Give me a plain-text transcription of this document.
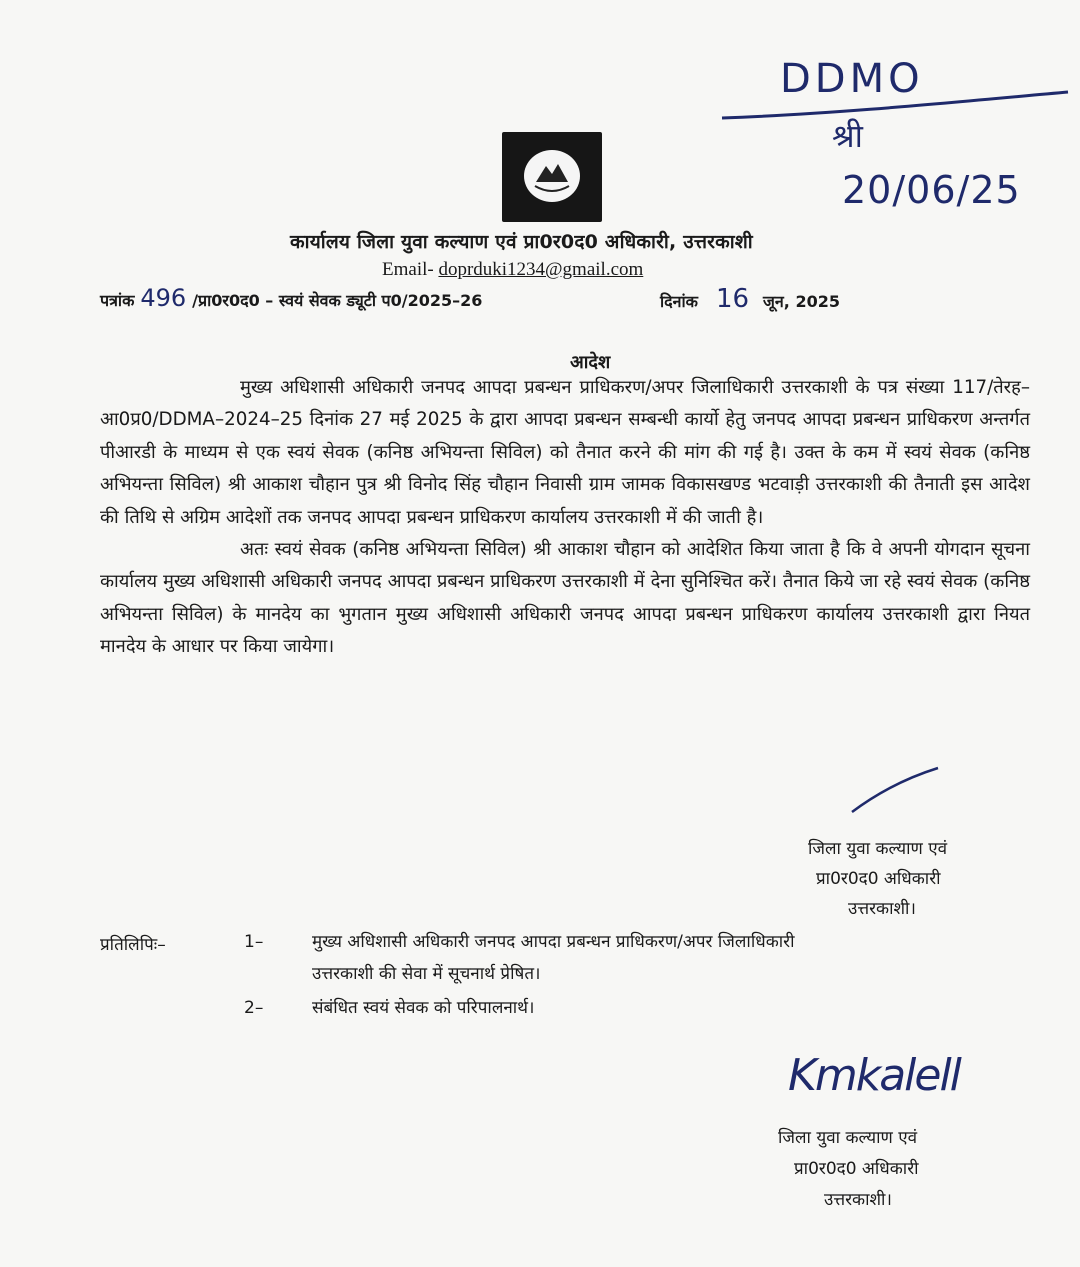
DDMO
श्री
20/06/25
कार्यालय जिला युवा कल्याण एवं प्रा0र0द0 अधिकारी, उत्तरकाशी
Email- doprduki1234@gmail.com
पत्रांक 496 /प्रा0र0द0 – स्वयं सेवक ड्यूटी प0/2025–26	दिनांक 16 जून, 2025
आदेश

मुख्य अधिशासी अधिकारी जनपद आपदा प्रबन्धन प्राधिकरण/अपर जिलाधिकारी उत्तरकाशी के पत्र संख्या 117/तेरह–आ0प्र0/DDMA–2024–25 दिनांक 27 मई 2025 के द्वारा आपदा प्रबन्धन सम्बन्धी कार्यो हेतु जनपद आपदा प्रबन्धन प्राधिकरण अन्तर्गत पीआरडी के माध्यम से एक स्वयं सेवक (कनिष्ठ अभियन्ता सिविल) को तैनात करने की मांग की गई है। उक्त के कम में स्वयं सेवक (कनिष्ठ अभियन्ता सिविल) श्री आकाश चौहान पुत्र श्री विनोद सिंह चौहान निवासी ग्राम जामक विकासखण्ड भटवाड़ी उत्तरकाशी की तैनाती इस आदेश की तिथि से अग्रिम आदेशों तक जनपद आपदा प्रबन्धन प्राधिकरण कार्यालय उत्तरकाशी में की जाती है।

अतः स्वयं सेवक (कनिष्ठ अभियन्ता सिविल) श्री आकाश चौहान को आदेशित किया जाता है कि वे अपनी योगदान सूचना कार्यालय मुख्य अधिशासी अधिकारी जनपद आपदा प्रबन्धन प्राधिकरण उत्तरकाशी में देना सुनिश्चित करें। तैनात किये जा रहे स्वयं सेवक (कनिष्ठ अभियन्ता सिविल) के मानदेय का भुगतान मुख्य अधिशासी अधिकारी जनपद आपदा प्रबन्धन प्राधिकरण कार्यालय उत्तरकाशी द्वारा नियत मानदेय के आधार पर किया जायेगा।

जिला युवा कल्याण एवं
प्रा0र0द0 अधिकारी
उत्तरकाशी।
प्रतिलिपिः–	1–	मुख्य अधिशासी अधिकारी जनपद आपदा प्रबन्धन प्राधिकरण/अपर जिलाधिकारी
उत्तरकाशी की सेवा में सूचनार्थ प्रेषित।
2–	संबंधित स्वयं सेवक को परिपालनार्थ।
Kmkalell
जिला युवा कल्याण एवं
प्रा0र0द0 अधिकारी
उत्तरकाशी।
